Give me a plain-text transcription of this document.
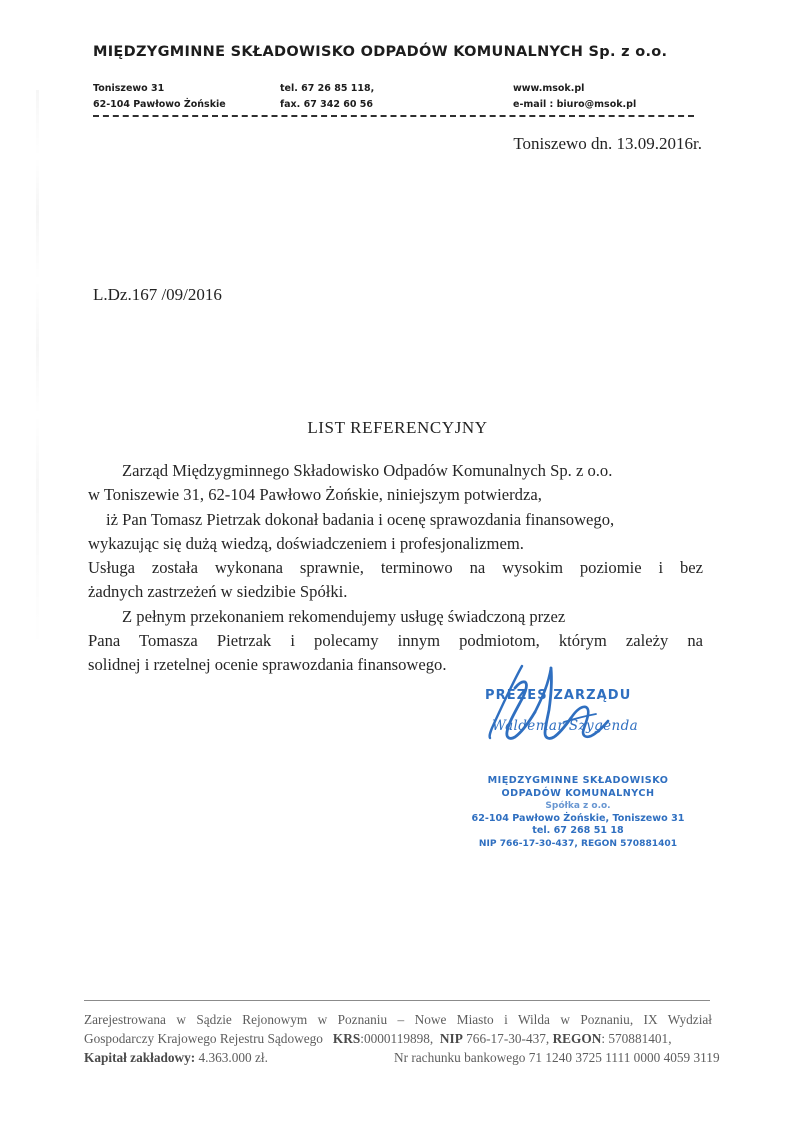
MIĘDZYGMINNE SKŁADOWISKO ODPADÓW KOMUNALNYCH Sp. z o.o.
Toniszewo 31
62-104 Pawłowo Żońskie
tel. 67 26 85 118,
fax. 67 342 60 56
www.msok.pl
e-mail : biuro@msok.pl
Toniszewo dn. 13.09.2016r.
L.Dz.167 /09/2016
LIST REFERENCYJNY
Zarząd Międzygminnego Składowisko Odpadów Komunalnych Sp. z o.o.
w Toniszewie 31, 62-104 Pawłowo Żońskie, niniejszym potwierdza,
iż Pan Tomasz Pietrzak dokonał badania i ocenę sprawozdania finansowego,
wykazując się dużą wiedzą, doświadczeniem i profesjonalizmem.
Usługa została wykonana sprawnie, terminowo na wysokim poziomie i bez
żadnych zastrzeżeń w siedzibie Spółki.
Z pełnym przekonaniem rekomendujemy usługę świadczoną przez
Pana Tomasza Pietrzak i polecamy innym podmiotom, którym zależy na
solidnej i rzetelnej ocenie sprawozdania finansowego.
PREZES ZARZĄDU
Waldemar Szygenda
MIĘDZYGMINNE SKŁADOWISKO
ODPADÓW KOMUNALNYCH
Spółka z o.o.
62-104 Pawłowo Żońskie, Toniszewo 31
tel. 67 268 51 18
NIP 766-17-30-437, REGON 570881401
Zarejestrowana w Sądzie Rejonowym w Poznaniu – Nowe Miasto i Wilda w Poznaniu, IX Wydział
Gospodarczy Krajowego Rejestru Sądowego KRS:0000119898, NIP 766-17-30-437, REGON: 570881401,
Kapitał zakładowy: 4.363.000 zł.	Nr rachunku bankowego 71 1240 3725 1111 0000 4059 3119
